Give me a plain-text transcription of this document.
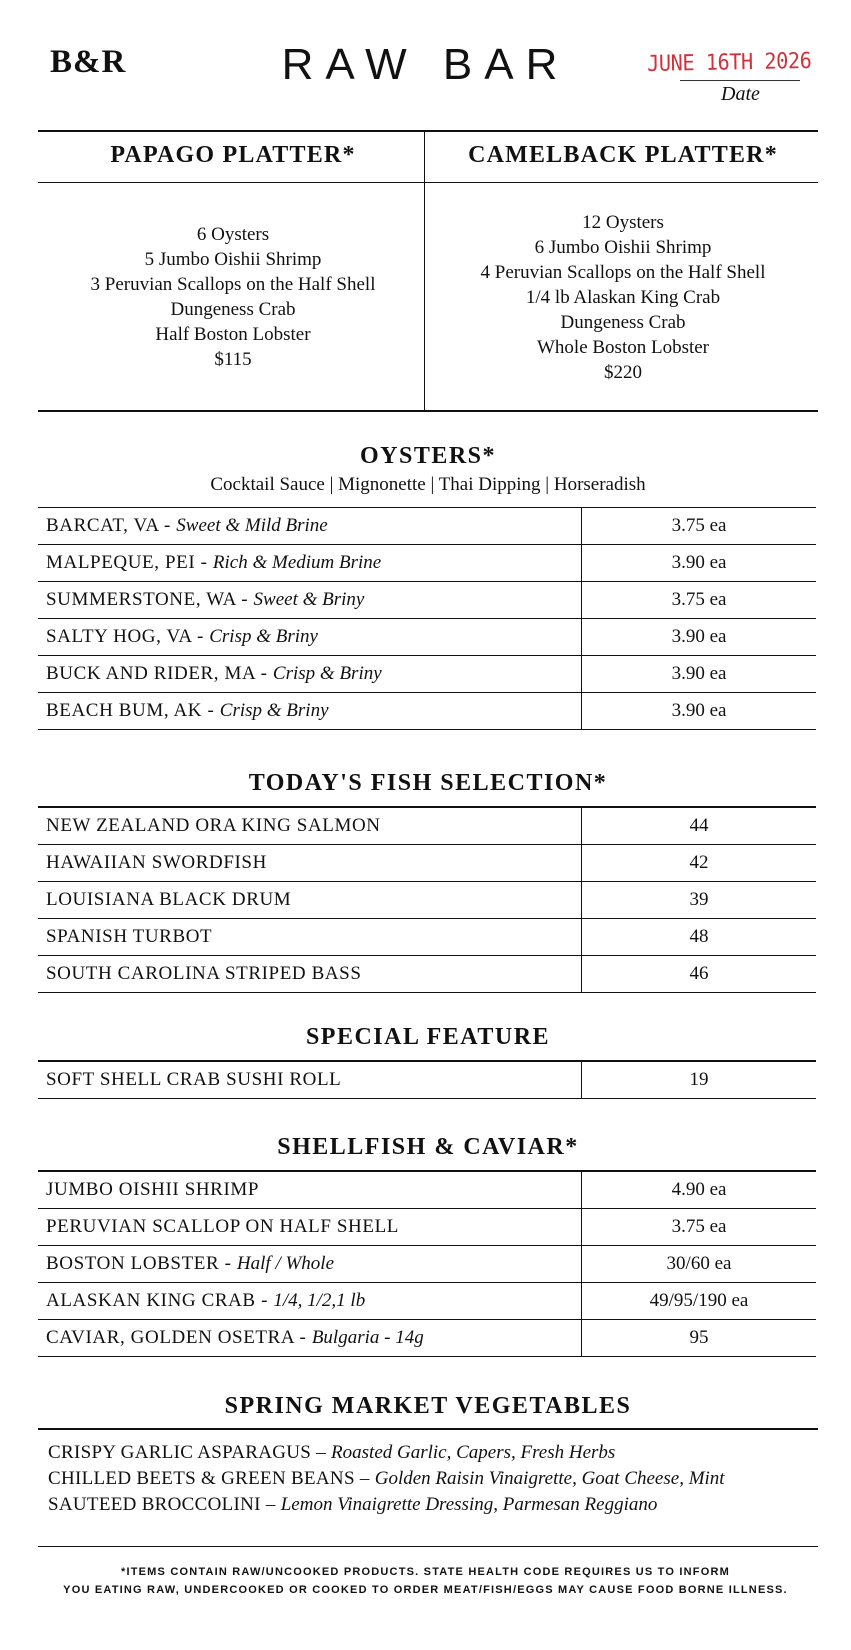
B&R	RAW BAR	JUNE 16TH 2026
Date
PAPAGO PLATTER*
6 Oysters
5 Jumbo Oishii Shrimp
3 Peruvian Scallops on the Half Shell
Dungeness Crab
Half Boston Lobster
$115
CAMELBACK PLATTER*
12 Oysters
6 Jumbo Oishii Shrimp
4 Peruvian Scallops on the Half Shell
1/4 lb Alaskan King Crab
Dungeness Crab
Whole Boston Lobster
$220
OYSTERS*
Cocktail Sauce | Mignonette | Thai Dipping | Horseradish
BARCAT, VA - Sweet & Mild Brine	3.75 ea
MALPEQUE, PEI - Rich & Medium Brine	3.90 ea
SUMMERSTONE, WA - Sweet & Briny	3.75 ea
SALTY HOG, VA - Crisp & Briny	3.90 ea
BUCK AND RIDER, MA - Crisp & Briny	3.90 ea
BEACH BUM, AK - Crisp & Briny	3.90 ea
TODAY'S FISH SELECTION*
NEW ZEALAND ORA KING SALMON	44
HAWAIIAN SWORDFISH	42
LOUISIANA BLACK DRUM	39
SPANISH TURBOT	48
SOUTH CAROLINA STRIPED BASS	46
SPECIAL FEATURE
SOFT SHELL CRAB SUSHI ROLL	19
SHELLFISH & CAVIAR*
JUMBO OISHII SHRIMP	4.90 ea
PERUVIAN SCALLOP ON HALF SHELL	3.75 ea
BOSTON LOBSTER - Half / Whole	30/60 ea
ALASKAN KING CRAB - 1/4, 1/2,1 lb	49/95/190 ea
CAVIAR, GOLDEN OSETRA - Bulgaria - 14g	95
SPRING MARKET VEGETABLES
CRISPY GARLIC ASPARAGUS – Roasted Garlic, Capers, Fresh Herbs
CHILLED BEETS & GREEN BEANS – Golden Raisin Vinaigrette, Goat Cheese, Mint
SAUTEED BROCCOLINI – Lemon Vinaigrette Dressing, Parmesan Reggiano
*ITEMS CONTAIN RAW/UNCOOKED PRODUCTS. STATE HEALTH CODE REQUIRES US TO INFORM
YOU EATING RAW, UNDERCOOKED OR COOKED TO ORDER MEAT/FISH/EGGS MAY CAUSE FOOD BORNE ILLNESS.
